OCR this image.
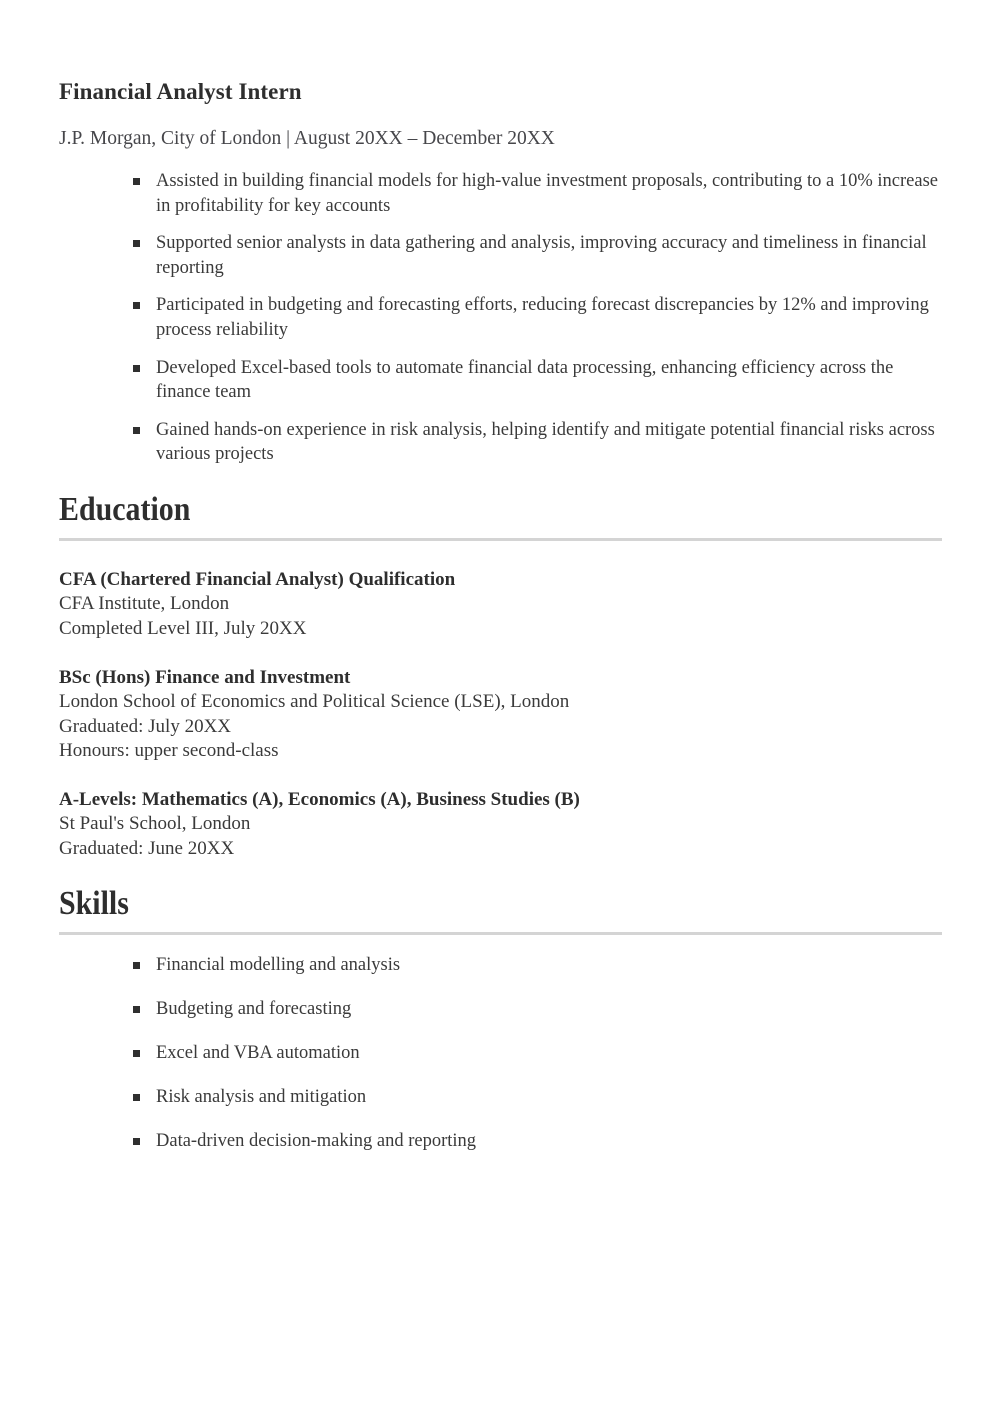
Financial Analyst Intern
J.P. Morgan, City of London | August 20XX – December 20XX
Assisted in building financial models for high-value investment proposals, contributing to a 10% increase in profitability for key accounts
Supported senior analysts in data gathering and analysis, improving accuracy and timeliness in financial reporting
Participated in budgeting and forecasting efforts, reducing forecast discrepancies by 12% and improving process reliability
Developed Excel-based tools to automate financial data processing, enhancing efficiency across the finance team
Gained hands-on experience in risk analysis, helping identify and mitigate potential financial risks across various projects
Education
CFA (Chartered Financial Analyst) Qualification
CFA Institute, London
Completed Level III, July 20XX
BSc (Hons) Finance and Investment
London School of Economics and Political Science (LSE), London
Graduated: July 20XX
Honours: upper second-class
A-Levels: Mathematics (A), Economics (A), Business Studies (B)
St Paul's School, London
Graduated: June 20XX
Skills
Financial modelling and analysis
Budgeting and forecasting
Excel and VBA automation
Risk analysis and mitigation
Data-driven decision-making and reporting
